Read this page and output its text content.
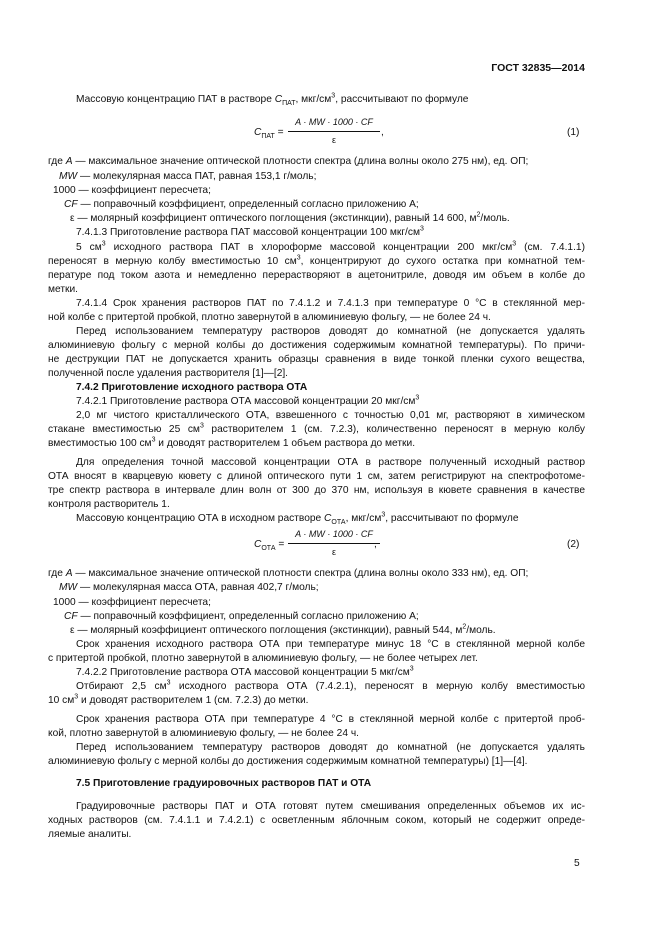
ГОСТ 32835—2014
Массовую концентрацию ПАТ в растворе $C_{ПАТ}$, мкг/$см^3$, рассчитывают по формуле
$C_{ПАТ}$ =
A · MW · 1000 · CF
ε
,	(1)
где A — максимальное значение оптической плотности спектра (длина волны около 275 нм), ед. ОП;
MW — молекулярная масса ПАТ, равная 153,1 г/моль;
1000 — коэффициент пересчета;
CF — поправочный коэффициент, определенный согласно приложению А;
ε — молярный коэффициент оптического поглощения (экстинкции), равный 14 600, $м^2$/моль.
7.4.1.3 Приготовление раствора ПАТ массовой концентрации 100 мкг/$см^3$
5 $см^3$ исходного раствора ПАТ в хлороформе массовой концентрации 200 мкг/$см^3$ (см. 7.4.1.1)
переносят в мерную колбу вместимостью 10 $см^3$, концентрируют до сухого остатка при комнатной тем-
пературе под током азота и немедленно перерастворяют в ацетонитриле, доводя им объем в колбе до
метки.
7.4.1.4 Срок хранения растворов ПАТ по 7.4.1.2 и 7.4.1.3 при температуре 0 °С в стеклянной мер-
ной колбе с притертой пробкой, плотно завернутой в алюминиевую фольгу, — не более 24 ч.
Перед использованием температуру растворов доводят до комнатной (не допускается удалять
алюминиевую фольгу с мерной колбы до достижения содержимым комнатной температуры). По причи-
не деструкции ПАТ не допускается хранить образцы сравнения в виде тонкой пленки сухого вещества,
полученной после удаления растворителя [1]—[2].
7.4.2 Приготовление исходного раствора ОТА
7.4.2.1 Приготовление раствора ОТА массовой концентрации 20 мкг/$см^3$
2,0 мг чистого кристаллического ОТА, взвешенного с точностью 0,01 мг, растворяют в химическом
стакане вместимостью 25 $см^3$ растворителем 1 (см. 7.2.3), количественно переносят в мерную колбу
вместимостью 100 $см^3$ и доводят растворителем 1 объем раствора до метки.
Для определения точной массовой концентрации ОТА в растворе полученный исходный раствор
ОТА вносят в кварцевую кювету с длиной оптического пути 1 см, затем регистрируют на спектрофотоме-
тре спектр раствора в интервале длин волн от 300 до 370 нм, используя в кювете сравнения в качестве
контроля растворитель 1.
Массовую концентрацию ОТА в исходном растворе $C_{ОТА}$, мкг/$см^3$, рассчитывают по формуле
$C_{ОТА}$ =
A · MW · 1000 · CF
ε
,	(2)
где A — максимальное значение оптической плотности спектра (длина волны около 333 нм), ед. ОП;
MW — молекулярная масса ОТА, равная 402,7 г/моль;
1000 — коэффициент пересчета;
CF — поправочный коэффициент, определенный согласно приложению А;
ε — молярный коэффициент оптического поглощения (экстинкции), равный 544, $м^2$/моль.
Срок хранения исходного раствора ОТА при температуре минус 18 °С в стеклянной мерной колбе
с притертой пробкой, плотно завернутой в алюминиевую фольгу, — не более четырех лет.
7.4.2.2 Приготовление раствора ОТА массовой концентрации 5 мкг/$см^3$
Отбирают 2,5 $см^3$ исходного раствора ОТА (7.4.2.1), переносят в мерную колбу вместимостью
10 $см^3$ и доводят растворителем 1 (см. 7.2.3) до метки.
Срок хранения раствора ОТА при температуре 4 °С в стеклянной мерной колбе с притертой проб-
кой, плотно завернутой в алюминиевую фольгу, — не более 24 ч.
Перед использованием температуру растворов доводят до комнатной (не допускается удалять
алюминиевую фольгу с мерной колбы до достижения содержимым комнатной температуры) [1]—[4].
7.5 Приготовление градуировочных растворов ПАТ и ОТА
Градуировочные растворы ПАТ и ОТА готовят путем смешивания определенных объемов их ис-
ходных растворов (см. 7.4.1.1 и 7.4.2.1) с осветленным яблочным соком, который не содержит опреде-
ляемые аналиты.
5
